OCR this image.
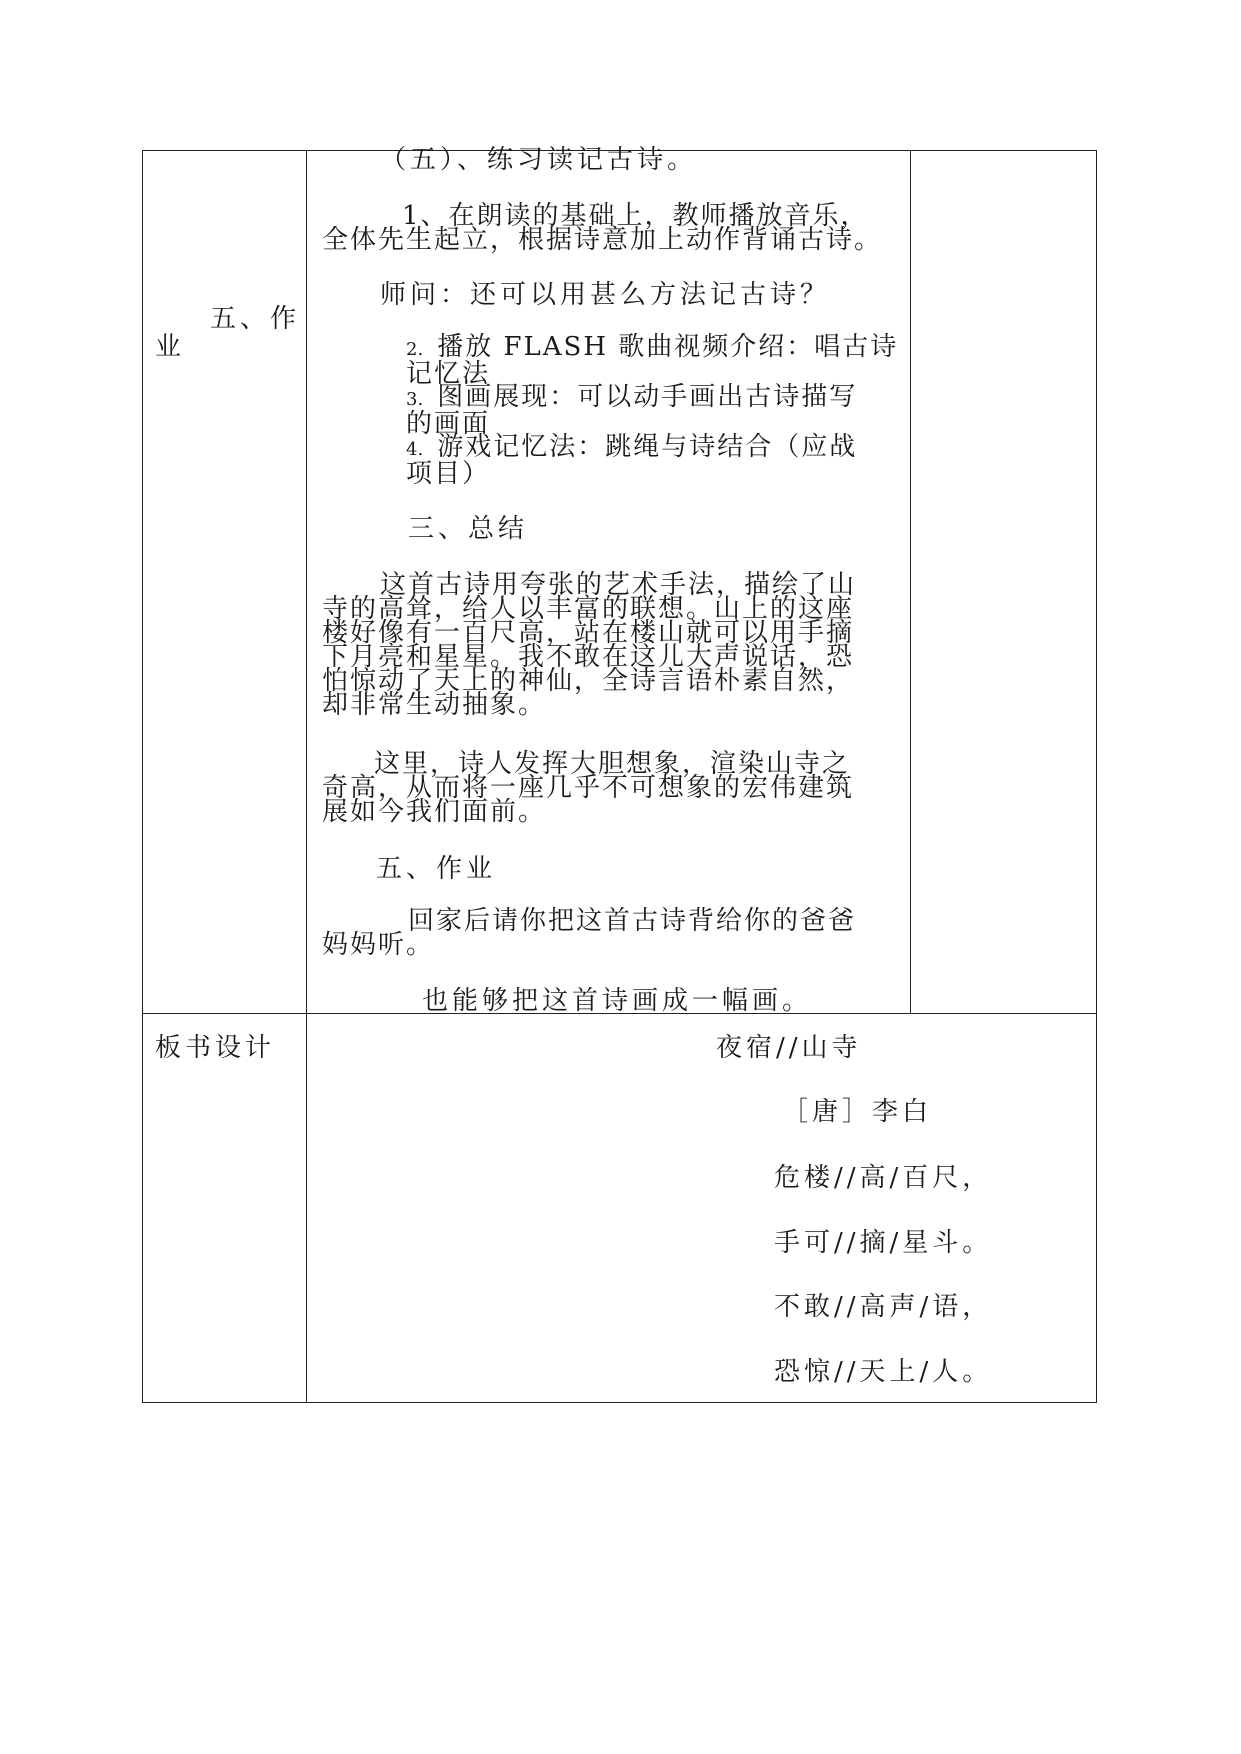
五、作
业
板书设计
（五）、练习读记古诗。
1、在朗读的基础上，教师播放音乐，
全体先生起立，根据诗意加上动作背诵古诗。
师问：还可以用甚么方法记古诗？
2. 播放 FLASH 歌曲视频介绍：唱古诗
记忆法
3. 图画展现：可以动手画出古诗描写
的画面
4. 游戏记忆法：跳绳与诗结合（应战
项目）
三、总结
这首古诗用夸张的艺术手法，描绘了山
寺的高耸，给人以丰富的联想。山上的这座
楼好像有一百尺高，站在楼山就可以用手摘
下月亮和星星。我不敢在这儿大声说话，恐
怕惊动了天上的神仙，全诗言语朴素自然，
却非常生动抽象。
这里，诗人发挥大胆想象，渲染山寺之
奇高，从而将一座几乎不可想象的宏伟建筑
展如今我们面前。
五、作业
回家后请你把这首古诗背给你的爸爸
妈妈听。
也能够把这首诗画成一幅画。
夜宿//山寺
［唐］李白
危楼//高/百尺，
手可//摘/星斗。
不敢//高声/语，
恐惊//天上/人。
